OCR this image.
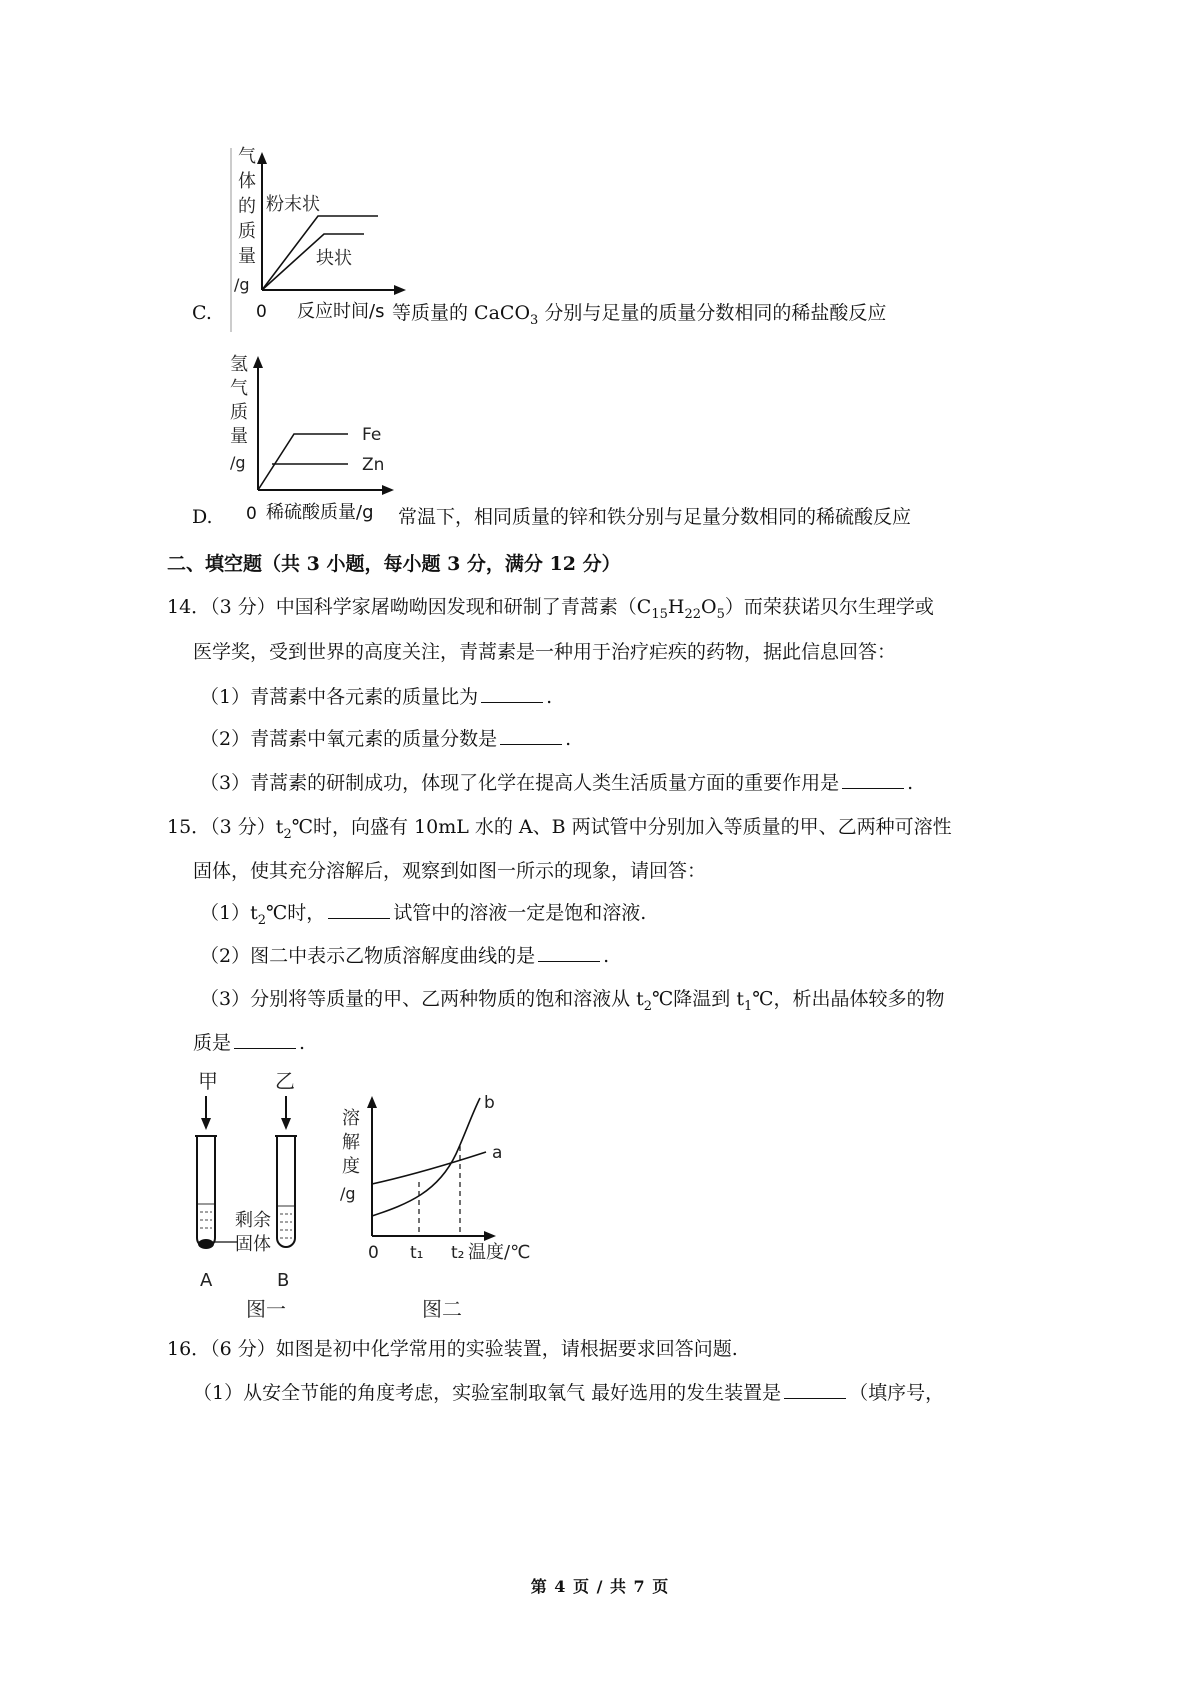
气
体
的
质
量
/g
粉末状
块状
0 反应时间/s
C.	等质量的 CaCO$_3$ 分别与足量的质量分数相同的稀盐酸反应
氢
气
质
量
/g
Fe
Zn
0 稀硫酸质量/g
D.	常温下，相同质量的锌和铁分别与足量分数相同的稀硫酸反应
二、填空题（共 3 小题，每小题 3 分，满分 12 分）
14．（3 分）中国科学家屠呦呦因发现和研制了青蒿素$(C_{15}H_{22}O_5)$而荣获诺贝尔生理学或
医学奖，受到世界的高度关注，青蒿素是一种用于治疗疟疾的药物，据此信息回答：
（1）青蒿素中各元素的质量比为	.
（2）青蒿素中氧元素的质量分数是	.
（3）青蒿素的研制成功，体现了化学在提高人类生活质量方面的重要作用是	.
15．（3 分）$t_2℃$时，向盛有 10mL 水的 A、B 两试管中分别加入等质量的甲、乙两种可溶性
固体，使其充分溶解后，观察到如图一所示的现象，请回答：
$(1)t_2℃$时，	试管中的溶液一定是饱和溶液.
（2）图二中表示乙物质溶解度曲线的是	.
（3）分别将等质量的甲、乙两种物质的饱和溶液从 $t_2℃$降温到 $t_1℃$，析出晶体较多的物
质是	.
甲	乙
剩余
固体
A	B
图一
溶
解
度
/g
b
a
0 t₁ t₂ 温度/℃
图二
16．（6 分）如图是初中化学常用的实验装置，请根据要求回答问题.
（1）从安全节能的角度考虑，实验室制取氧气 最好选用的发生装置是	（填序号，
第 4 页 / 共 7 页
